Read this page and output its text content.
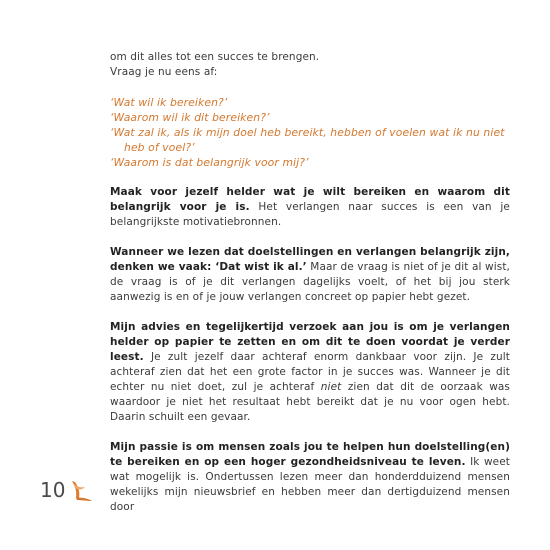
om dit alles tot een succes te brengen.

Vraag je nu eens af:

‘Wat wil ik bereiken?’

‘Waarom wil ik dit bereiken?’

‘Wat zal ik, als ik mijn doel heb bereikt, hebben of voelen wat ik nu niet heb of voel?’

‘Waarom is dat belangrijk voor mij?’

Maak voor jezelf helder wat je wilt bereiken en waarom dit belangrijk voor je is. Het verlangen naar succes is een van je belangrijkste motivatiebronnen.

Wanneer we lezen dat doelstellingen en verlangen belangrijk zijn, denken we vaak: ‘Dat wist ik al.’ Maar de vraag is niet of je dit al wist, de vraag is of je dit verlangen dagelijks voelt, of het bij jou sterk aanwezig is en of je jouw verlangen concreet op papier hebt gezet.

Mijn advies en tegelijkertijd verzoek aan jou is om je verlangen helder op papier te zetten en om dit te doen voordat je verder leest. Je zult jezelf daar achteraf enorm dankbaar voor zijn. Je zult achteraf zien dat het een grote factor in je succes was. Wanneer je dit echter nu niet doet, zul je achteraf niet zien dat dit de oorzaak was waardoor je niet het resultaat hebt bereikt dat je nu voor ogen hebt. Daarin schuilt een gevaar.

Mijn passie is om mensen zoals jou te helpen hun doelstelling(en) te bereiken en op een hoger gezondheidsniveau te leven. Ik weet wat mogelijk is. Ondertussen lezen meer dan honderdduizend mensen wekelijks mijn nieuwsbrief en hebben meer dan dertigduizend mensen door

10
